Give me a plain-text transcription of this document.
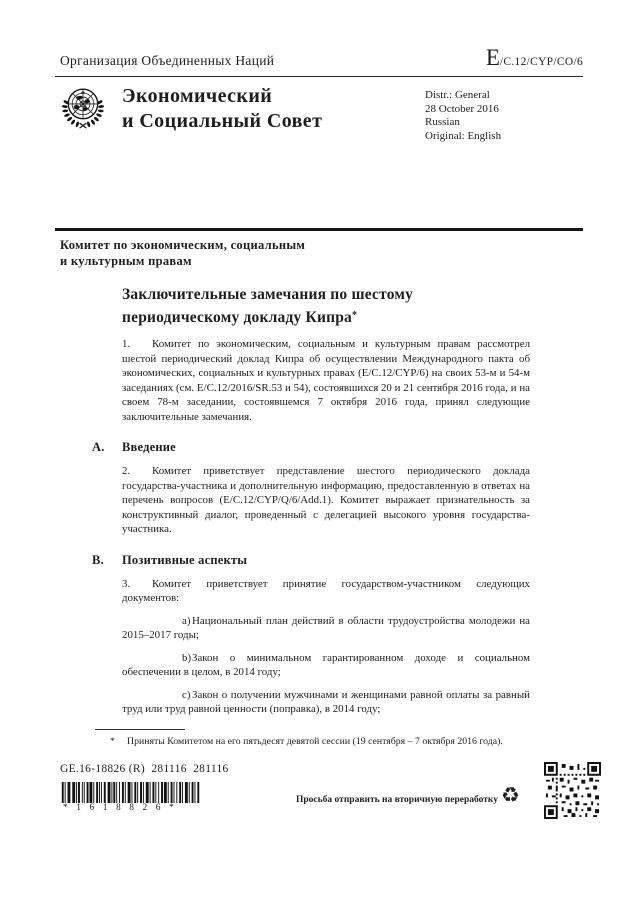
Организация Объединенных Наций	E/C.12/CYP/CO/6
Экономический
и Социальный Совет
Distr.: General
28 October 2016
Russian
Original: English
Комитет по экономическим, социальным
и культурным правам
Заключительные замечания по шестому
периодическому докладу Кипра*

1. Комитет по экономическим, социальным и культурным правам рассмотрел шестой периодический доклад Кипра об осуществлении Международного пакта об экономических, социальных и культурных правах (E/C.12/CYP/6) на своих 53-м и 54-м заседаниях (см. E/C.12/2016/SR.53 и 54), состоявшихся 20 и 21 сентября 2016 года, и на своем 78-м заседании, состоявшемся 7 октября 2016 года, принял следующие заключительные замечания.

A.	Введение

2. Комитет приветствует представление шестого периодического доклада государства-участника и дополнительную информацию, предоставленную в ответах на перечень вопросов (E/C.12/CYP/Q/6/Add.1). Комитет выражает признательность за конструктивный диалог, проведенный с делегацией высокого уровня государства-участника.

B.	Позитивные аспекты

3. Комитет приветствует принятие государством-участником следующих документов:

a) Национальный план действий в области трудоустройства молодежи на 2015–2017 годы;

b)Закон о минимальном гарантированном доходе и социальном обеспечении в целом, в 2014 году;

c) Закон о получении мужчинами и женщинами равной оплаты за равный труд или труд равной ценности (поправка), в 2014 году;

* Приняты Комитетом на его пятьдесят девятой сессии (19 сентября – 7 октября 2016 года).
GE.16-18826 (R)  281116  281116
*1618826*
Просьба отправить на вторичную переработку ♻
